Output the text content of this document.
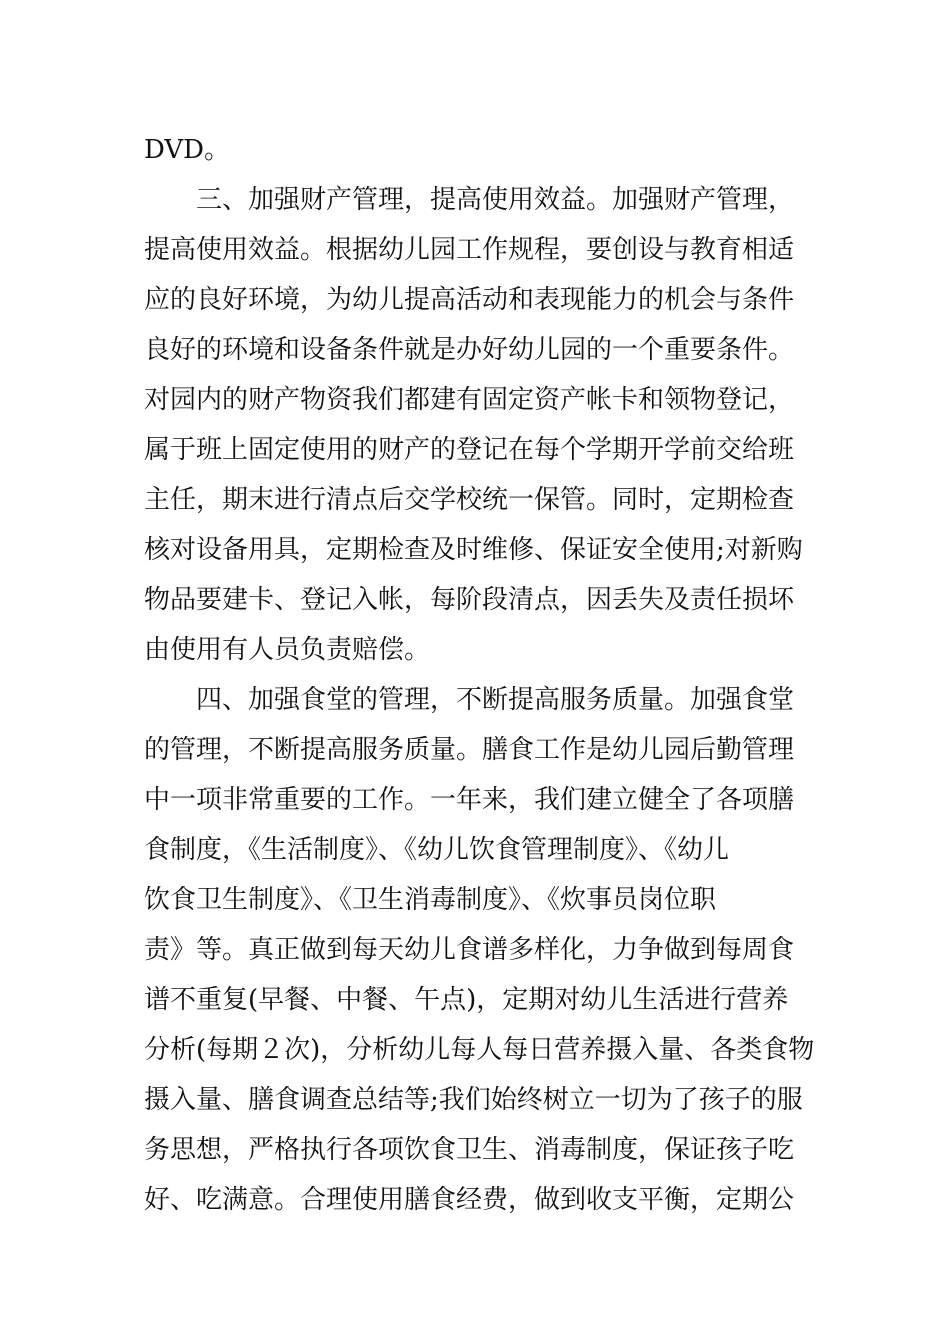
DVD。
三、加强财产管理，提高使用效益。加强财产管理，
提高使用效益。根据幼儿园工作规程，要创设与教育相适
应的良好环境，为幼儿提高活动和表现能力的机会与条件
良好的环境和设备条件就是办好幼儿园的一个重要条件。
对园内的财产物资我们都建有固定资产帐卡和领物登记，
属于班上固定使用的财产的登记在每个学期开学前交给班
主任，期末进行清点后交学校统一保管。同时，定期检查
核对设备用具，定期检查及时维修、保证安全使用;对新购
物品要建卡、登记入帐，每阶段清点，因丢失及责任损坏
由使用有人员负责赔偿。
四、加强食堂的管理，不断提高服务质量。加强食堂
的管理，不断提高服务质量。膳食工作是幼儿园后勤管理
中一项非常重要的工作。一年来，我们建立健全了各项膳
食制度，《生活制度》、《幼儿饮食管理制度》、《幼儿
饮食卫生制度》、《卫生消毒制度》、《炊事员岗位职
责》等。真正做到每天幼儿食谱多样化，力争做到每周食
谱不重复(早餐、中餐、午点)，定期对幼儿生活进行营养
分析(每期２次)，分析幼儿每人每日营养摄入量、各类食物
摄入量、膳食调查总结等;我们始终树立一切为了孩子的服
务思想，严格执行各项饮食卫生、消毒制度，保证孩子吃
好、吃满意。合理使用膳食经费，做到收支平衡，定期公
